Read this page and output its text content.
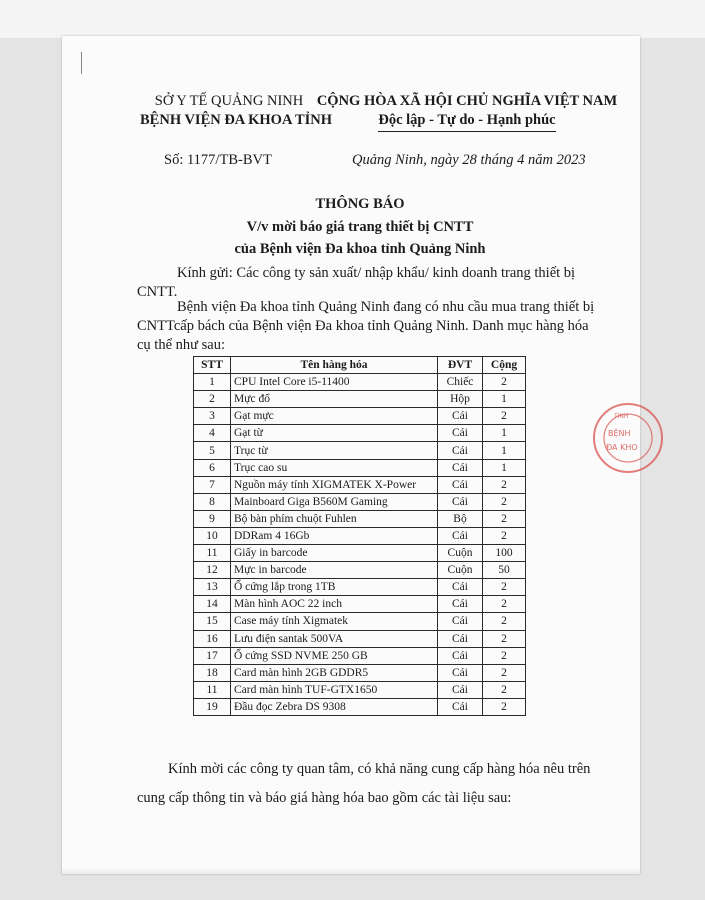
SỞ Y TẾ QUẢNG NINH
BỆNH VIỆN ĐA KHOA TỈNH
CỘNG HÒA XÃ HỘI CHỦ NGHĨA VIỆT NAM
Độc lập - Tự do - Hạnh phúc
Số: 1177/TB-BVT	Quảng Ninh, ngày 28 tháng 4 năm 2023
THÔNG BÁO
V/v mời báo giá trang thiết bị CNTT
của Bệnh viện Đa khoa tỉnh Quảng Ninh
Kính gửi: Các công ty sản xuất/ nhập khẩu/ kinh doanh trang thiết bị
CNTT.
Bệnh viện Đa khoa tỉnh Quảng Ninh đang có nhu cầu mua trang thiết bị
CNTTcấp bách của Bệnh viện Đa khoa tỉnh Quảng Ninh. Danh mục hàng hóa
cụ thể như sau:
STT	Tên hàng hóa	ĐVT	Cộng
1	CPU Intel Core i5-11400	Chiếc	2
2	Mực đổ	Hộp	1
3	Gạt mực	Cái	2
4	Gạt từ	Cái	1
5	Trục từ	Cái	1
6	Trục cao su	Cái	1
7	Nguồn máy tính XIGMATEK X-Power	Cái	2
8	Mainboard Giga B560M Gaming	Cái	2
9	Bộ bàn phím chuột Fuhlen	Bộ	2
10	DDRam 4 16Gb	Cái	2
11	Giấy in barcode	Cuộn	100
12	Mực in barcode	Cuộn	50
13	Ổ cứng lắp trong 1TB	Cái	2
14	Màn hình AOC 22 inch	Cái	2
15	Case máy tính Xigmatek	Cái	2
16	Lưu điện santak 500VA	Cái	2
17	Ổ cứng SSD NVME 250 GB	Cái	2
18	Card màn hình 2GB GDDR5	Cái	2
11	Card màn hình TUF-GTX1650	Cái	2
19	Đầu đọc Zebra DS 9308	Cái	2
Kính mời các công ty quan tâm, có khả năng cung cấp hàng hóa nêu trên
cung cấp thông tin và báo giá hàng hóa bao gồm các tài liệu sau:
TỈNH
BỆNH
ĐA KHO
